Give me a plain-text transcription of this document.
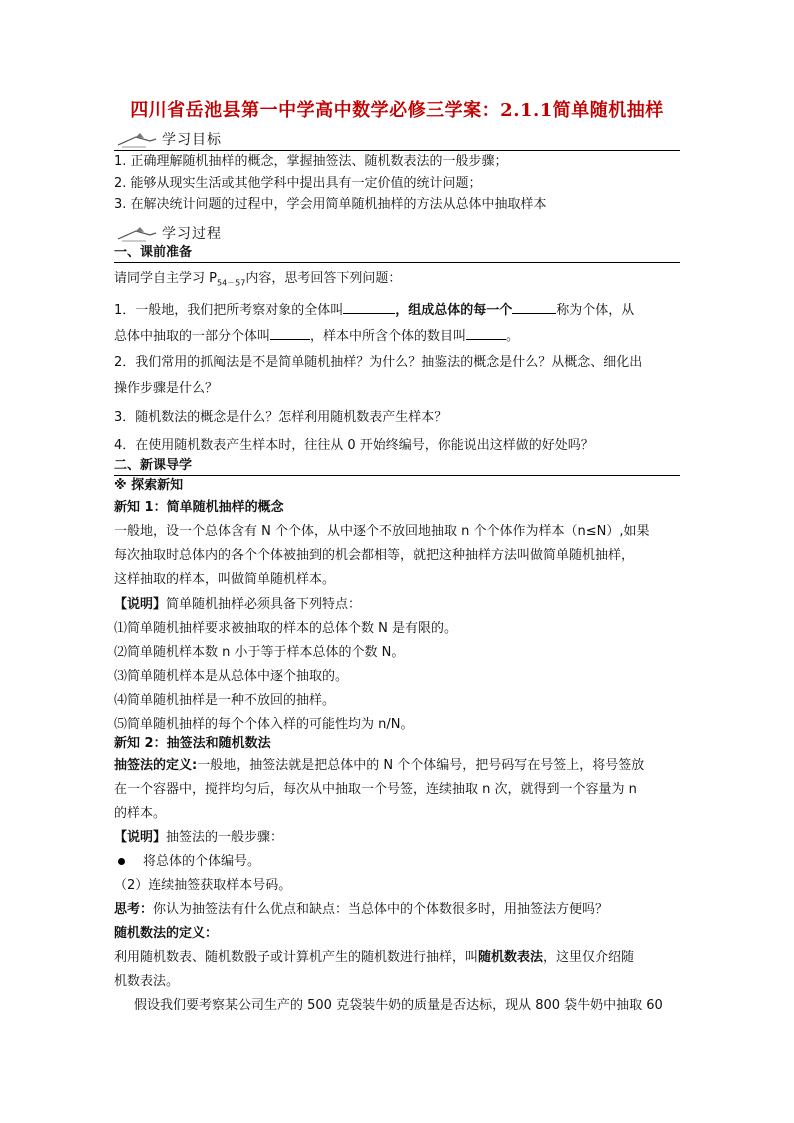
四川省岳池县第一中学高中数学必修三学案：2.1.1简单随机抽样
学习目标
1. 正确理解随机抽样的概念，掌握抽签法、随机数表法的一般步骤；
2. 能够从现实生活或其他学科中提出具有一定价值的统计问题；
3. 在解决统计问题的过程中，学会用简单随机抽样的方法从总体中抽取样本
学习过程
一、课前准备
请同学自主学习 $P_{54-57}$内容，思考回答下列问题：
1．一般地，我们把所考察对象的全体叫	，组成总体的每一个	称为个体，从
总体中抽取的一部分个体叫	，样本中所含个体的数目叫	。
2．我们常用的抓阄法是不是简单随机抽样？为什么？抽鉴法的概念是什么？从概念、细化出
操作步骤是什么？
3．随机数法的概念是什么？怎样利用随机数表产生样本？
4．在使用随机数表产生样本时，往往从 0 开始终编号，你能说出这样做的好处吗？
二、新课导学
※ 探索新知
新知 1：简单随机抽样的概念
一般地，设一个总体含有 N 个个体，从中逐个不放回地抽取 n 个个体作为样本（n≤N）,如果
每次抽取时总体内的各个个体被抽到的机会都相等，就把这种抽样方法叫做简单随机抽样，
这样抽取的样本，叫做简单随机样本。
【说明】简单随机抽样必须具备下列特点：
⑴简单随机抽样要求被抽取的样本的总体个数 N 是有限的。
⑵简单随机样本数 n 小于等于样本总体的个数 N。
⑶简单随机样本是从总体中逐个抽取的。
⑷简单随机抽样是一种不放回的抽样。
⑸简单随机抽样的每个个体入样的可能性均为 n/N。
新知 2：抽签法和随机数法
抽签法的定义:一般地，抽签法就是把总体中的 N 个个体编号，把号码写在号签上，将号签放
在一个容器中，搅拌均匀后，每次从中抽取一个号签，连续抽取 n 次，就得到一个容量为 n
的样本。
【说明】抽签法的一般步骤：
将总体的个体编号。
（2）连续抽签获取样本号码。
思考：你认为抽签法有什么优点和缺点：当总体中的个体数很多时，用抽签法方便吗？
随机数法的定义：
利用随机数表、随机数骰子或计算机产生的随机数进行抽样，叫随机数表法，这里仅介绍随
机数表法。
假设我们要考察某公司生产的 500 克袋装牛奶的质量是否达标，现从 800 袋牛奶中抽取 60
